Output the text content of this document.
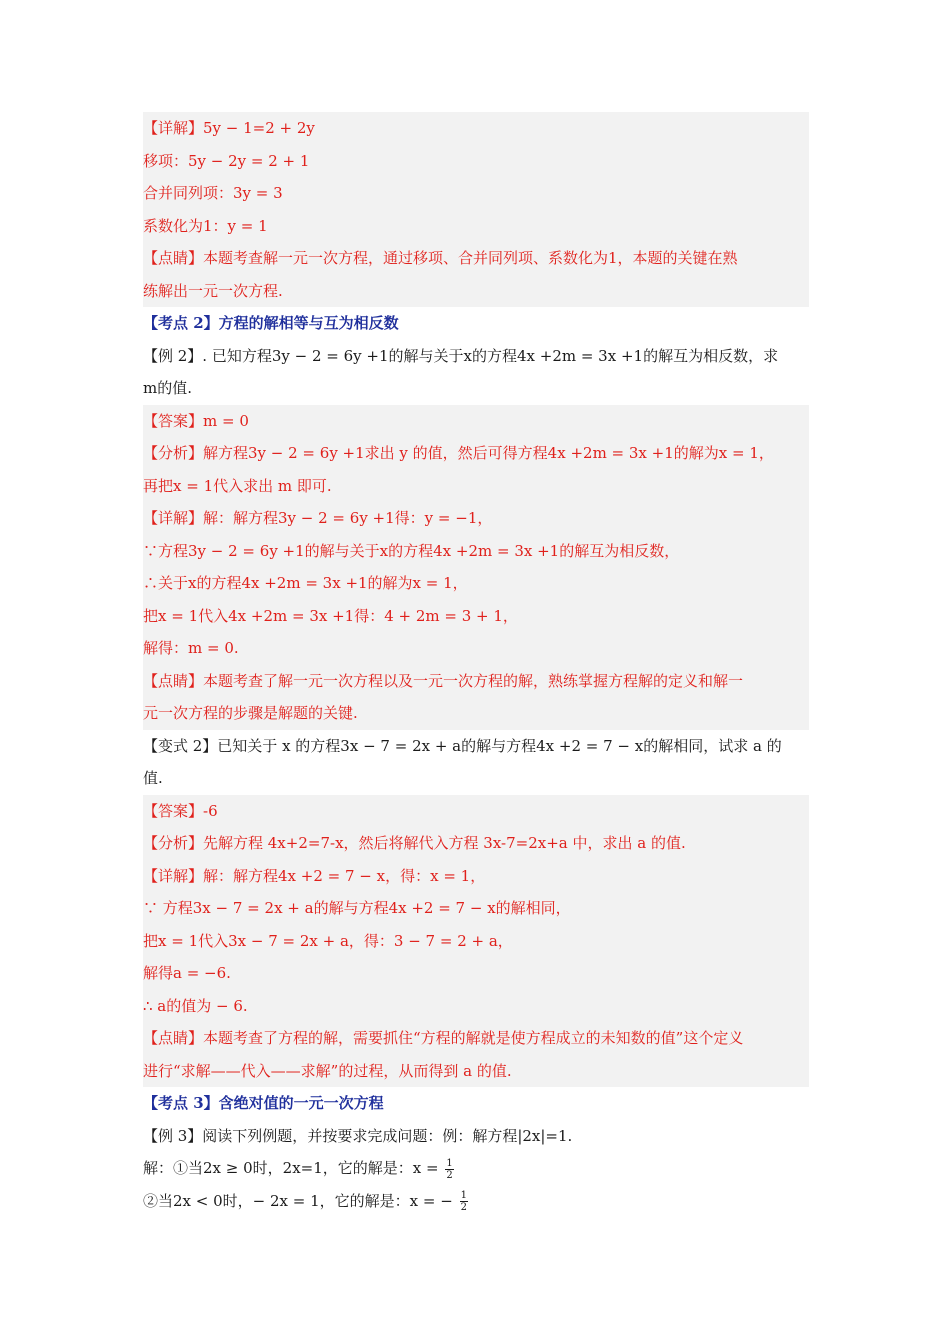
【详解】5y − 1=2 + 2y
移项：5y − 2y = 2 + 1
合并同列项：3y = 3
系数化为1：y = 1
【点睛】本题考查解一元一次方程，通过移项、合并同列项、系数化为1，本题的关键在熟
练解出一元一次方程.
【考点 2】方程的解相等与互为相反数
【例 2】. 已知方程3y − 2 = 6y +1的解与关于x的方程4x +2m = 3x +1的解互为相反数，求
m的值.
【答案】m = 0
【分析】解方程3y − 2 = 6y +1求出 y 的值，然后可得方程4x +2m = 3x +1的解为x = 1，
再把x = 1代入求出 m 即可.
【详解】解：解方程3y − 2 = 6y +1得：y = −1，
∵方程3y − 2 = 6y +1的解与关于x的方程4x +2m = 3x +1的解互为相反数，
∴关于x的方程4x +2m = 3x +1的解为x = 1，
把x = 1代入4x +2m = 3x +1得：4 + 2m = 3 + 1，
解得：m = 0.
【点睛】本题考查了解一元一次方程以及一元一次方程的解，熟练掌握方程解的定义和解一
元一次方程的步骤是解题的关键.
【变式 2】已知关于 x 的方程3x − 7 = 2x + a的解与方程4x +2 = 7 − x的解相同，试求 a 的
值.
【答案】-6
【分析】先解方程 4x+2=7-x，然后将解代入方程 3x-7=2x+a 中，求出 a 的值.
【详解】解：解方程4x +2 = 7 − x，得：x = 1，
∵ 方程3x − 7 = 2x + a的解与方程4x +2 = 7 − x的解相同，
把x = 1代入3x − 7 = 2x + a，得：3 − 7 = 2 + a，
解得a = −6.
∴ a的值为 − 6.
【点睛】本题考查了方程的解，需要抓住“方程的解就是使方程成立的未知数的值”这个定义
进行“求解——代入——求解”的过程，从而得到 a 的值.
【考点 3】含绝对值的一元一次方程
【例 3】阅读下列例题，并按要求完成问题：例：解方程|2x|=1.
解：①当2x ≥ 0时，2x=1，它的解是：$x = \frac{1}{2}$
②当2x < 0时，− 2x = 1，它的解是：x = − $\frac{1}{2}$
